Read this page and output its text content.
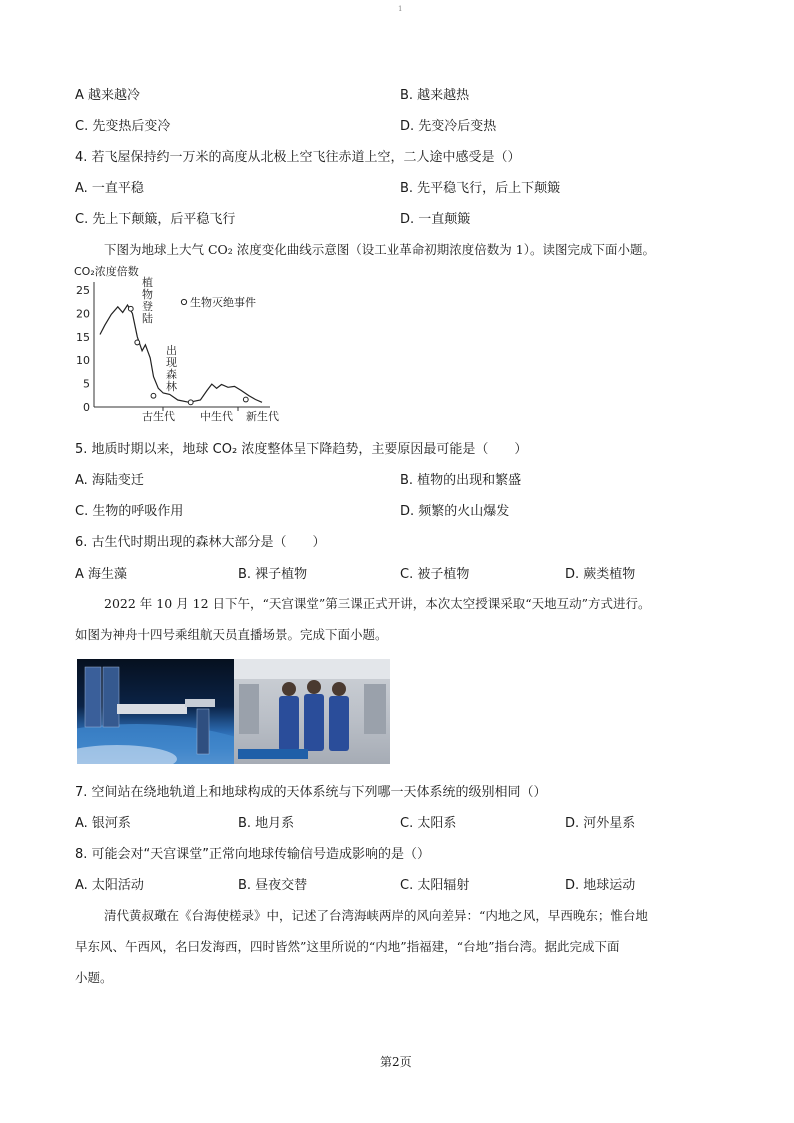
1
A 越来越冷	B. 越来越热
C. 先变热后变冷	D. 先变冷后变热
4. 若飞屋保持约一万米的高度从北极上空飞往赤道上空，二人途中感受是（）
A. 一直平稳	B. 先平稳飞行，后上下颠簸
C. 先上下颠簸，后平稳飞行	D. 一直颠簸
下图为地球上大气 CO₂ 浓度变化曲线示意图（设工业革命初期浓度倍数为 1）。读图完成下面小题。
CO₂浓度倍数
0
5
10
15
20
25
生物灭绝事件
植物登陆
出现森林
古生代 中生代 新生代
5. 地质时期以来，地球 CO₂ 浓度整体呈下降趋势，主要原因最可能是（　　）
A. 海陆变迁	B. 植物的出现和繁盛
C. 生物的呼吸作用	D. 频繁的火山爆发
6. 古生代时期出现的森林大部分是（　　）
A 海生藻	B. 裸子植物	C. 被子植物	D. 蕨类植物
2022 年 10 月 12 日下午，“天宫课堂”第三课正式开讲，本次太空授课采取“天地互动”方式进行。
如图为神舟十四号乘组航天员直播场景。完成下面小题。
7. 空间站在绕地轨道上和地球构成的天体系统与下列哪一天体系统的级别相同（）
A. 银河系	B. 地月系	C. 太阳系	D. 河外星系
8. 可能会对“天宫课堂”正常向地球传输信号造成影响的是（）
A. 太阳活动	B. 昼夜交替	C. 太阳辐射	D. 地球运动
清代黄叔璥在《台海使槎录》中，记述了台湾海峡两岸的风向差异：“内地之风，早西晚东；惟台地
早东风、午西风，名曰发海西，四时皆然”这里所说的“内地”指福建，“台地”指台湾。据此完成下面
小题。
第2页
